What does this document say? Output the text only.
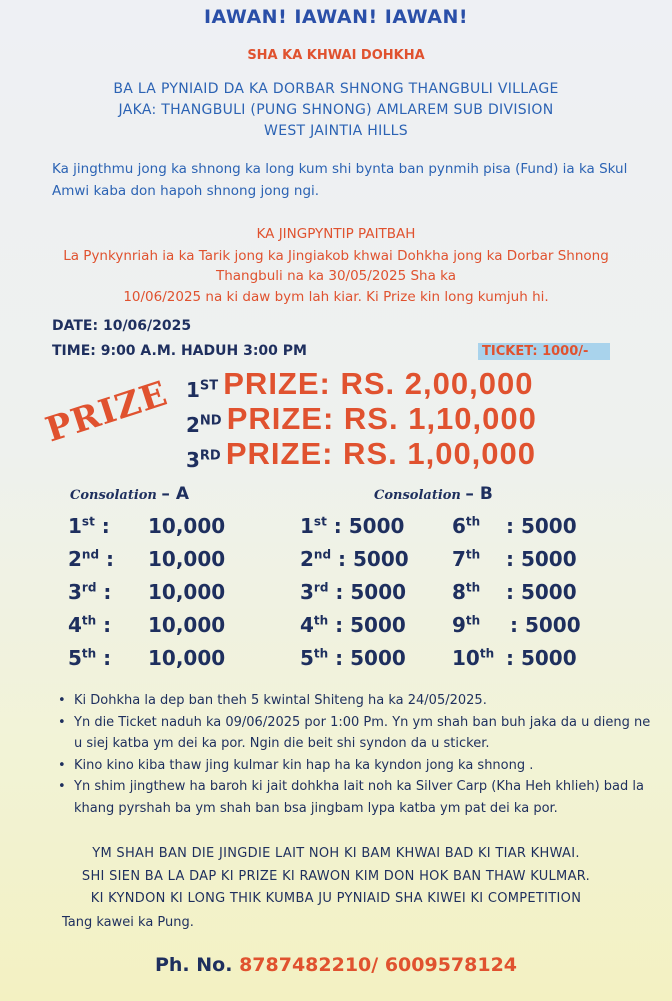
IAWAN! IAWAN! IAWAN!
SHA KA KHWAI DOHKHA
BA LA PYNIAID DA KA DORBAR SHNONG THANGBULI VILLAGE
JAKA: THANGBULI (PUNG SHNONG) AMLAREM SUB DIVISION
WEST JAINTIA HILLS
Ka jingthmu jong ka shnong ka long kum shi bynta ban pynmih pisa (Fund) ia ka Skul Amwi kaba don hapoh shnong jong ngi.
KA JINGPYNTIP PAITBAH
La Pynkynriah ia ka Tarik jong ka Jingiakob khwai Dohkha jong ka Dorbar Shnong
Thangbuli na ka 30/05/2025 Sha ka
10/06/2025 na ki daw bym lah kiar. Ki Prize kin long kumjuh hi.
DATE: 10/06/2025
TIME: 9:00 A.M. HADUH 3:00 PM	TICKET: 1000/-
PRIZE 1ST PRIZE: RS. 2,00,000
2ND PRIZE: RS. 1,10,000
3RD PRIZE: RS. 1,00,000
Consolation – A	Consolation – B
1st : 10,000
2nd : 10,000
3rd : 10,000
4th : 10,000
5th : 10,000
1st : 5000
2nd : 5000
3rd : 5000
4th : 5000
5th : 5000
6th : 5000
7th : 5000
8th : 5000
9th : 5000
10th : 5000
• Ki Dohkha la dep ban theh 5 kwintal Shiteng ha ka 24/05/2025.
• Yn die Ticket naduh ka 09/06/2025 por 1:00 Pm. Yn ym shah ban buh jaka da u dieng ne u siej katba ym dei ka por. Ngin die beit shi syndon da u sticker.
• Kino kino kiba thaw jing kulmar kin hap ha ka kyndon jong ka shnong .
• Yn shim jingthew ha baroh ki jait dohkha lait noh ka Silver Carp (Kha Heh khlieh) bad la khang pyrshah ba ym shah ban bsa jingbam lypa katba ym pat dei ka por.
YM SHAH BAN DIE JINGDIE LAIT NOH KI BAM KHWAI BAD KI TIAR KHWAI.
SHI SIEN BA LA DAP KI PRIZE KI RAWON KIM DON HOK BAN THAW KULMAR.
KI KYNDON KI LONG THIK KUMBA JU PYNIAID SHA KIWEI KI COMPETITION
Tang kawei ka Pung.
Ph. No. 8787482210/ 6009578124
